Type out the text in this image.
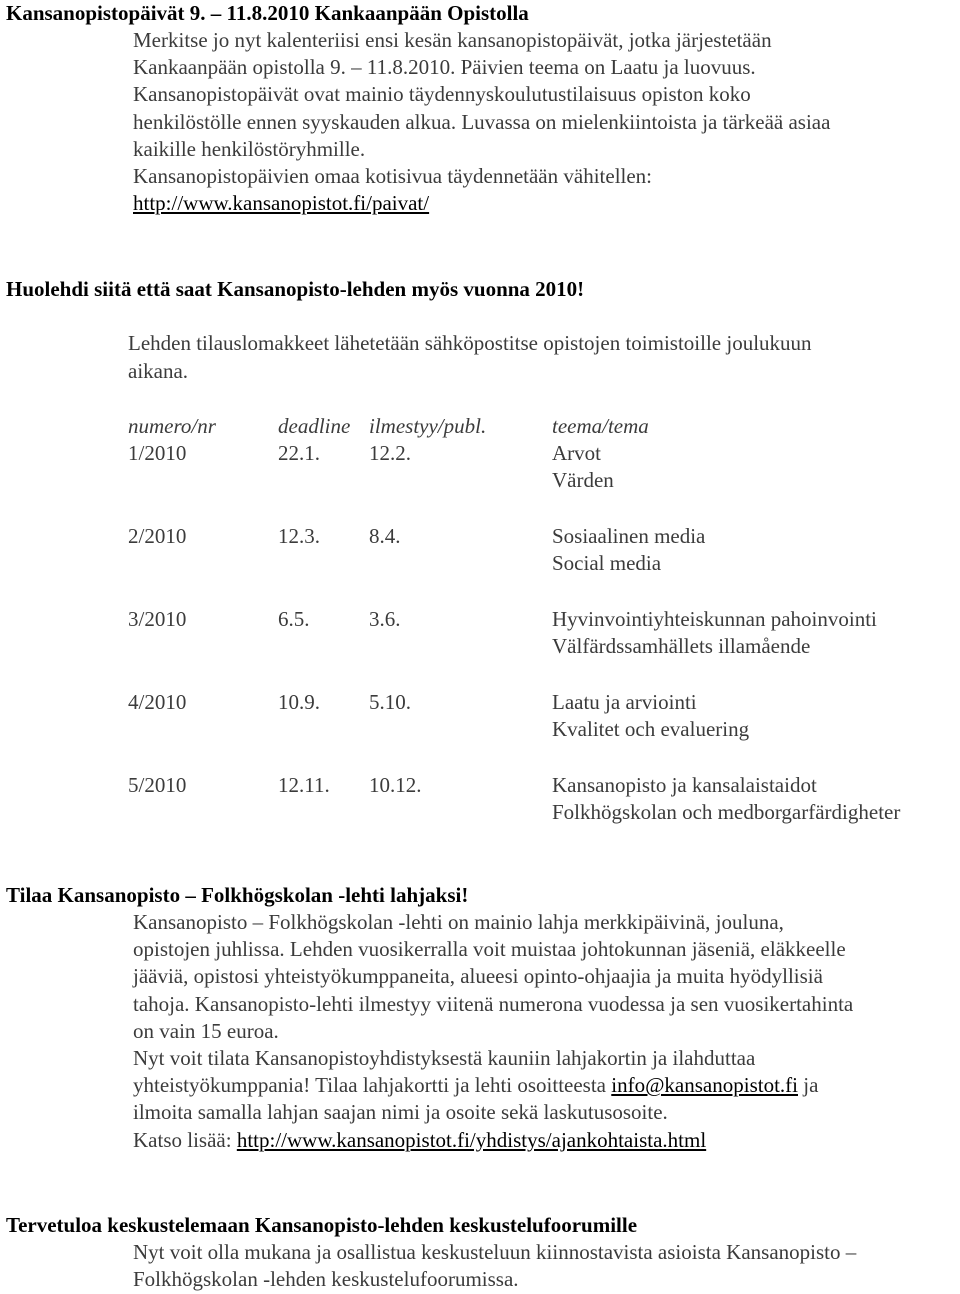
Kansanopistopäivät 9. – 11.8.2010 Kankaanpään Opistolla
Merkitse jo nyt kalenteriisi ensi kesän kansanopistopäivät, jotka järjestetään
Kankaanpään opistolla 9. – 11.8.2010. Päivien teema on Laatu ja luovuus.
Kansanopistopäivät ovat mainio täydennyskoulutustilaisuus opiston koko
henkilöstölle ennen syyskauden alkua. Luvassa on mielenkiintoista ja tärkeää asiaa
kaikille henkilöstöryhmille.
Kansanopistopäivien omaa kotisivua täydennetään vähitellen:
http://www.kansanopistot.fi/paivat/
Huolehdi siitä että saat Kansanopisto-lehden myös vuonna 2010!
Lehden tilauslomakkeet lähetetään sähköpostitse opistojen toimistoille joulukuun
aikana.
numero/nr	deadline ilmestyy/publ.	teema/tema
1/2010	22.1. 12.2.	Arvot
Värden
2/2010	12.3. 8.4.	Sosiaalinen media
Social media
3/2010	6.5.	3.6.	Hyvinvointiyhteiskunnan pahoinvointi
Välfärdssamhällets illamående
4/2010	10.9. 5.10.	Laatu ja arviointi
Kvalitet och evaluering
5/2010	12.11. 10.12.	Kansanopisto ja kansalaistaidot
Folkhögskolan och medborgarfärdigheter
Tilaa Kansanopisto – Folkhögskolan -lehti lahjaksi!
Kansanopisto – Folkhögskolan -lehti on mainio lahja merkkipäivinä, jouluna,
opistojen juhlissa. Lehden vuosikerralla voit muistaa johtokunnan jäseniä, eläkkeelle
jääviä, opistosi yhteistyökumppaneita, alueesi opinto-ohjaajia ja muita hyödyllisiä
tahoja. Kansanopisto-lehti ilmestyy viitenä numerona vuodessa ja sen vuosikertahinta
on vain 15 euroa.
Nyt voit tilata Kansanopistoyhdistyksestä kauniin lahjakortin ja ilahduttaa
yhteistyökumppania! Tilaa lahjakortti ja lehti osoitteesta info@kansanopistot.fi ja
ilmoita samalla lahjan saajan nimi ja osoite sekä laskutusosoite.
Katso lisää: http://www.kansanopistot.fi/yhdistys/ajankohtaista.html
Tervetuloa keskustelemaan Kansanopisto-lehden keskustelufoorumille
Nyt voit olla mukana ja osallistua keskusteluun kiinnostavista asioista Kansanopisto –
Folkhögskolan -lehden keskustelufoorumissa.
